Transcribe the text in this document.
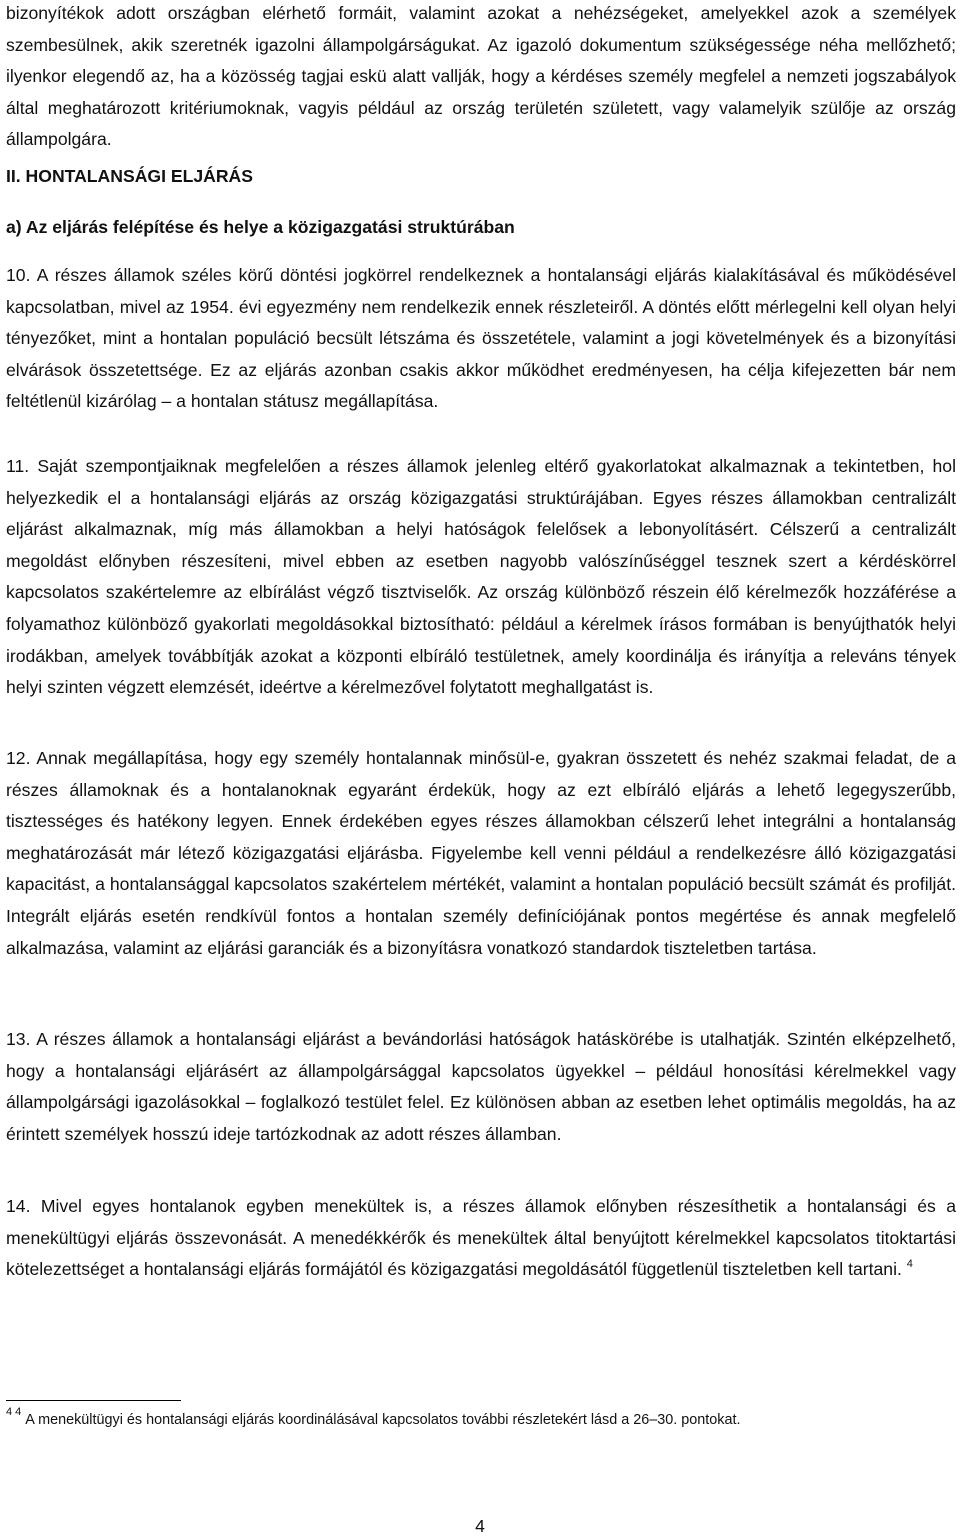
bizonyítékok adott országban elérhető formáit, valamint azokat a nehézségeket, amelyekkel azok a személyek szembesülnek, akik szeretnék igazolni állampolgárságukat. Az igazoló dokumentum szükségessége néha mellőzhető; ilyenkor elegendő az, ha a közösség tagjai eskü alatt vallják, hogy a kérdéses személy megfelel a nemzeti jogszabályok által meghatározott kritériumoknak, vagyis például az ország területén született, vagy valamelyik szülője az ország állampolgára.

II. HONTALANSÁGI ELJÁRÁS
a) Az eljárás felépítése és helye a közigazgatási struktúrában

10. A részes államok széles körű döntési jogkörrel rendelkeznek a hontalansági eljárás kialakításával és működésével kapcsolatban, mivel az 1954. évi egyezmény nem rendelkezik ennek részleteiről. A döntés előtt mérlegelni kell olyan helyi tényezőket, mint a hontalan populáció becsült létszáma és összetétele, valamint a jogi követelmények és a bizonyítási elvárások összetettsége. Ez az eljárás azonban csakis akkor működhet eredményesen, ha célja kifejezetten bár nem feltétlenül kizárólag – a hontalan státusz megállapítása.

11. Saját szempontjaiknak megfelelően a részes államok jelenleg eltérő gyakorlatokat alkalmaznak a tekintetben, hol helyezkedik el a hontalansági eljárás az ország közigazgatási struktúrájában. Egyes részes államokban centralizált eljárást alkalmaznak, míg más államokban a helyi hatóságok felelősek a lebonyolításért. Célszerű a centralizált megoldást előnyben részesíteni, mivel ebben az esetben nagyobb valószínűséggel tesznek szert a kérdéskörrel kapcsolatos szakértelemre az elbírálást végző tisztviselők. Az ország különböző részein élő kérelmezők hozzáférése a folyamathoz különböző gyakorlati megoldásokkal biztosítható: például a kérelmek írásos formában is benyújthatók helyi irodákban, amelyek továbbítják azokat a központi elbíráló testületnek, amely koordinálja és irányítja a releváns tények helyi szinten végzett elemzését, ideértve a kérelmezővel folytatott meghallgatást is.

12. Annak megállapítása, hogy egy személy hontalannak minősül-e, gyakran összetett és nehéz szakmai feladat, de a részes államoknak és a hontalanoknak egyaránt érdekük, hogy az ezt elbíráló eljárás a lehető legegyszerűbb, tisztességes és hatékony legyen. Ennek érdekében egyes részes államokban célszerű lehet integrálni a hontalanság meghatározását már létező közigazgatási eljárásba. Figyelembe kell venni például a rendelkezésre álló közigazgatási kapacitást, a hontalansággal kapcsolatos szakértelem mértékét, valamint a hontalan populáció becsült számát és profilját. Integrált eljárás esetén rendkívül fontos a hontalan személy definíciójának pontos megértése és annak megfelelő alkalmazása, valamint az eljárási garanciák és a bizonyításra vonatkozó standardok tiszteletben tartása.

13. A részes államok a hontalansági eljárást a bevándorlási hatóságok hatáskörébe is utalhatják. Szintén elképzelhető, hogy a hontalansági eljárásért az állampolgársággal kapcsolatos ügyekkel – például honosítási kérelmekkel vagy állampolgársági igazolásokkal – foglalkozó testület felel. Ez különösen abban az esetben lehet optimális megoldás, ha az érintett személyek hosszú ideje tartózkodnak az adott részes államban.

14. Mivel egyes hontalanok egyben menekültek is, a részes államok előnyben részesíthetik a hontalansági és a menekültügyi eljárás összevonását. A menedékkérők és menekültek által benyújtott kérelmekkel kapcsolatos titoktartási kötelezettséget a hontalansági eljárás formájától és közigazgatási megoldásától függetlenül tiszteletben kell tartani. $^4$

4 4 A menekültügyi és hontalansági eljárás koordinálásával kapcsolatos további részletekért lásd a 26–30. pontokat.

4
